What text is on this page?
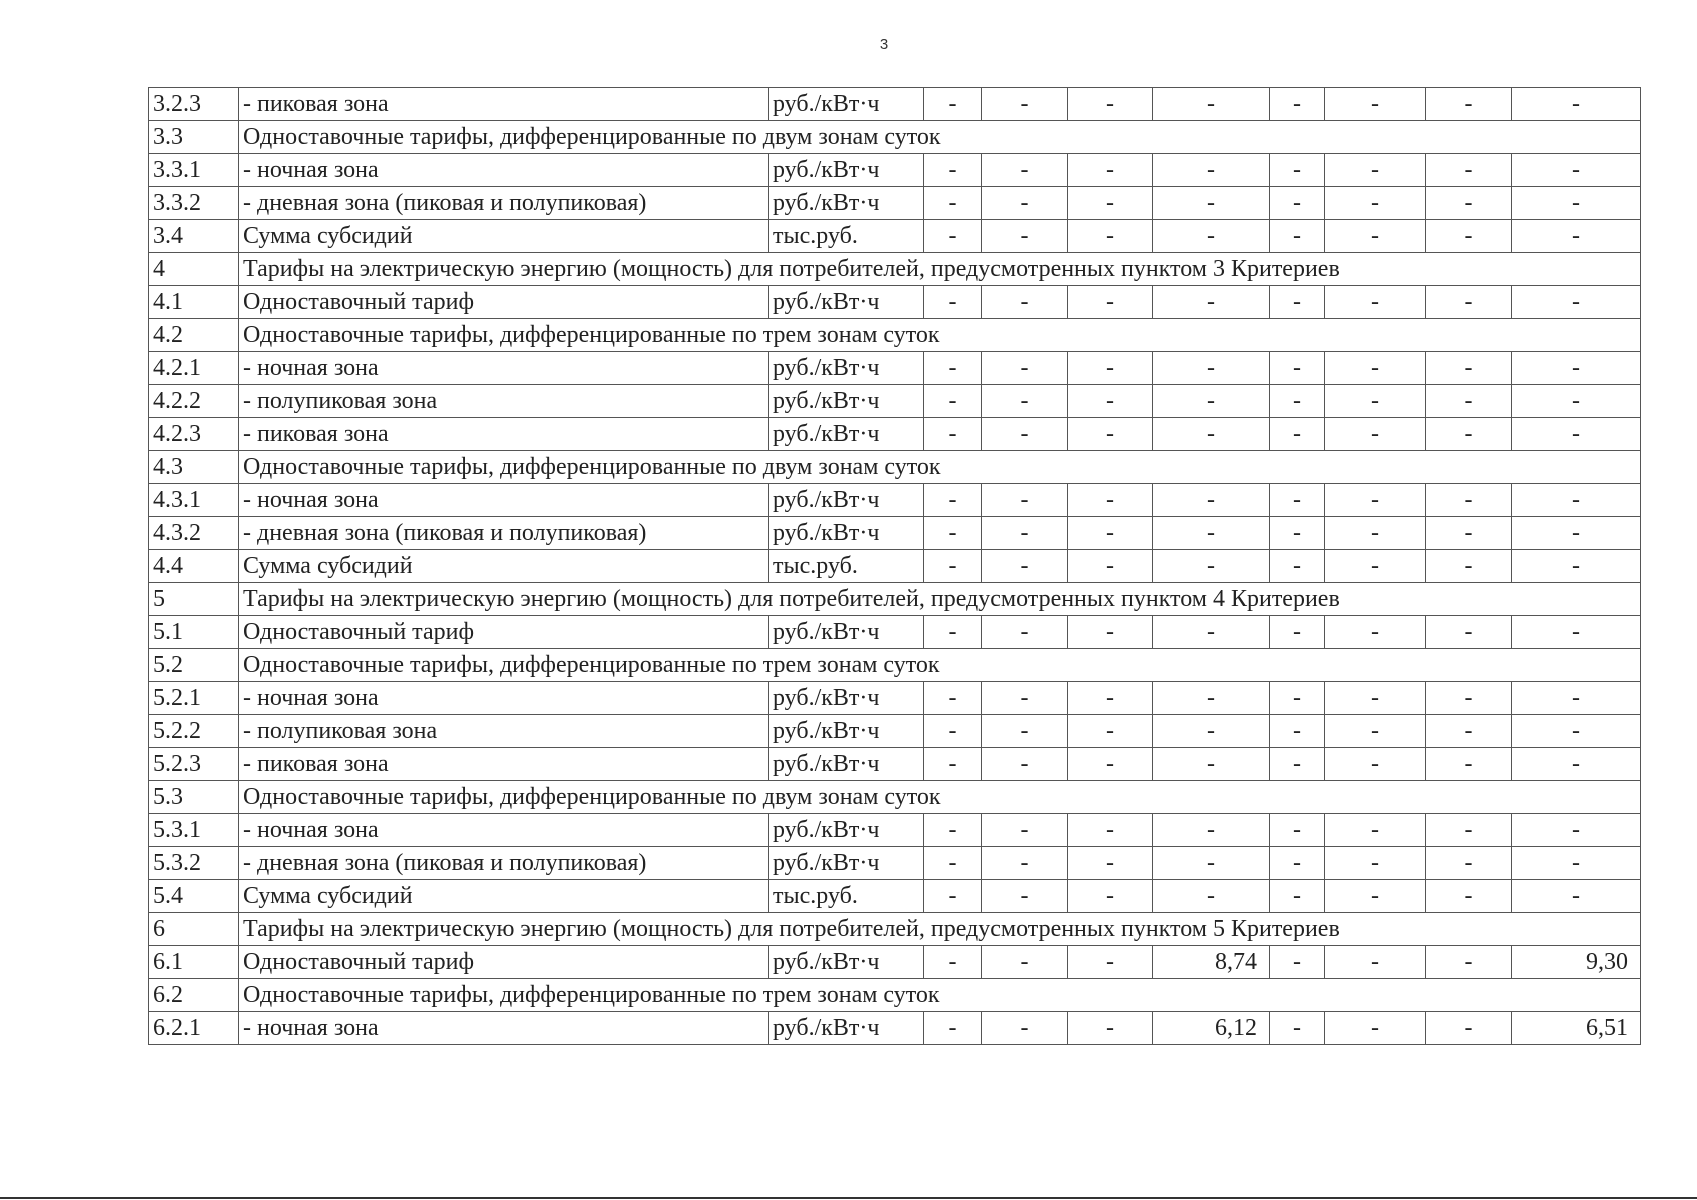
3
3.2.3	- пиковая зона	руб./кВт·ч	-	-	-	-	-	-	-	-
3.3	Одноставочные тарифы, дифференцированные по двум зонам суток									
3.3.1	- ночная зона	руб./кВт·ч	-	-	-	-	-	-	-	-
3.3.2	- дневная зона (пиковая и полупиковая)	руб./кВт·ч	-	-	-	-	-	-	-	-
3.4	Сумма субсидий	тыс.руб.	-	-	-	-	-	-	-	-
4	Тарифы на электрическую энергию (мощность) для потребителей, предусмотренных пунктом 3 Критериев									
4.1	Одноставочный тариф	руб./кВт·ч	-	-	-	-	-	-	-	-
4.2	Одноставочные тарифы, дифференцированные по трем зонам суток									
4.2.1	- ночная зона	руб./кВт·ч	-	-	-	-	-	-	-	-
4.2.2	- полупиковая зона	руб./кВт·ч	-	-	-	-	-	-	-	-
4.2.3	- пиковая зона	руб./кВт·ч	-	-	-	-	-	-	-	-
4.3	Одноставочные тарифы, дифференцированные по двум зонам суток									
4.3.1	- ночная зона	руб./кВт·ч	-	-	-	-	-	-	-	-
4.3.2	- дневная зона (пиковая и полупиковая)	руб./кВт·ч	-	-	-	-	-	-	-	-
4.4	Сумма субсидий	тыс.руб.	-	-	-	-	-	-	-	-
5	Тарифы на электрическую энергию (мощность) для потребителей, предусмотренных пунктом 4 Критериев									
5.1	Одноставочный тариф	руб./кВт·ч	-	-	-	-	-	-	-	-
5.2	Одноставочные тарифы, дифференцированные по трем зонам суток									
5.2.1	- ночная зона	руб./кВт·ч	-	-	-	-	-	-	-	-
5.2.2	- полупиковая зона	руб./кВт·ч	-	-	-	-	-	-	-	-
5.2.3	- пиковая зона	руб./кВт·ч	-	-	-	-	-	-	-	-
5.3	Одноставочные тарифы, дифференцированные по двум зонам суток									
5.3.1	- ночная зона	руб./кВт·ч	-	-	-	-	-	-	-	-
5.3.2	- дневная зона (пиковая и полупиковая)	руб./кВт·ч	-	-	-	-	-	-	-	-
5.4	Сумма субсидий	тыс.руб.	-	-	-	-	-	-	-	-
6	Тарифы на электрическую энергию (мощность) для потребителей, предусмотренных пунктом 5 Критериев									
6.1	Одноставочный тариф	руб./кВт·ч	-	-	-	8,74	-	-	-	9,30
6.2	Одноставочные тарифы, дифференцированные по трем зонам суток									
6.2.1	- ночная зона	руб./кВт·ч	-	-	-	6,12	-	-	-	6,51
